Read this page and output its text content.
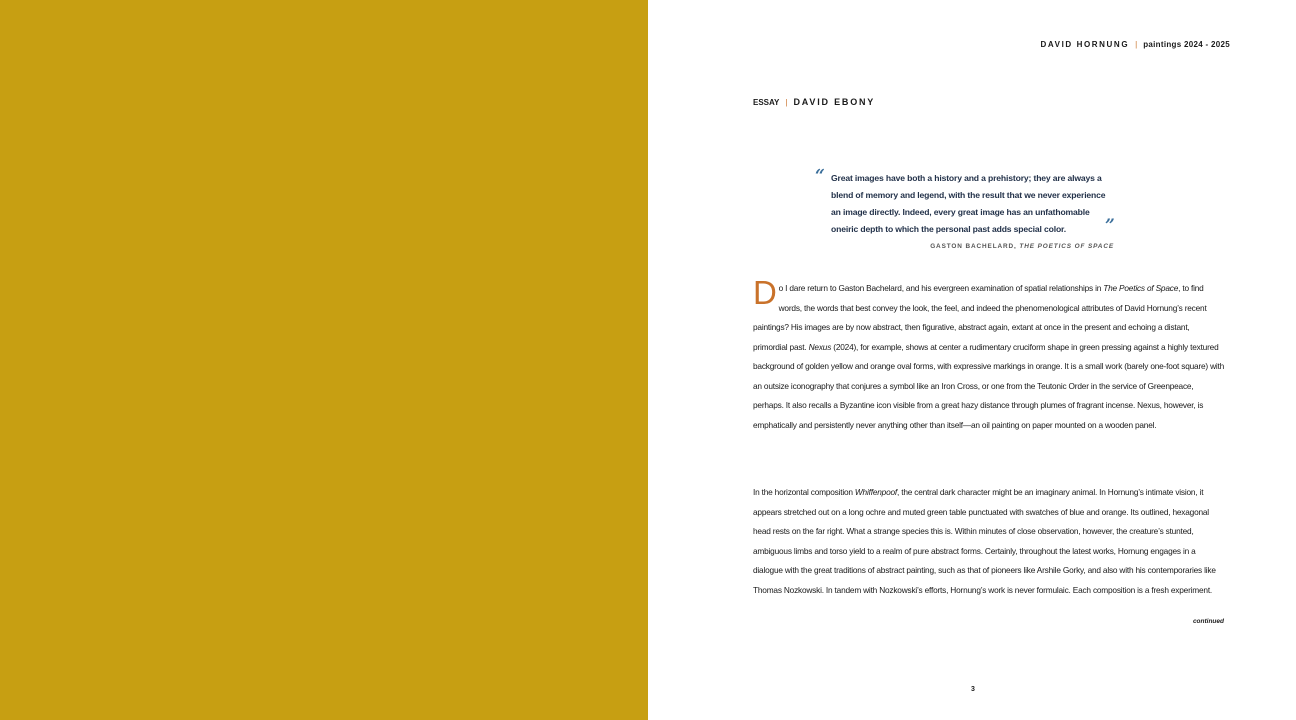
DAVID HORNUNG | paintings 2024 - 2025
ESSAY | DAVID EBONY
“ Great images have both a history and a prehistory; they are always a blend of memory and legend, with the result that we never experience an image directly. Indeed, every great image has an unfathomable oneiric depth to which the personal past adds special color.	”
GASTON BACHELARD, THE POETICS OF SPACE

Do I dare return to Gaston Bachelard, and his evergreen examination of spatial relationships in The Poetics of Space, to find words, the words that best convey the look, the feel, and indeed the phenomenological attributes of David Hornung’s recent paintings? His images are by now abstract, then figurative, abstract again, extant at once in the present and echoing a distant, primordial past. Nexus (2024), for example, shows at center a rudimentary cruciform shape in green pressing against a highly textured background of golden yellow and orange oval forms, with expressive markings in orange. It is a small work (barely one-foot square) with an outsize iconography that conjures a symbol like an Iron Cross, or one from the Teutonic Order in the service of Greenpeace, perhaps. It also recalls a Byzantine icon visible from a great hazy distance through plumes of fragrant incense. Nexus, however, is emphatically and persistently never anything other than itself—an oil painting on paper mounted on a wooden panel.

In the horizontal composition Whiffenpoof, the central dark character might be an imaginary animal. In Hornung’s intimate vision, it appears stretched out on a long ochre and muted green table punctuated with swatches of blue and orange. Its outlined, hexagonal head rests on the far right. What a strange species this is. Within minutes of close observation, however, the creature’s stunted, ambiguous limbs and torso yield to a realm of pure abstract forms. Certainly, throughout the latest works, Hornung engages in a dialogue with the great traditions of abstract painting, such as that of pioneers like Arshile Gorky, and also with his contemporaries like Thomas Nozkowski. In tandem with Nozkowski’s efforts, Hornung’s work is never formulaic. Each composition is a fresh experiment.

continued
3
